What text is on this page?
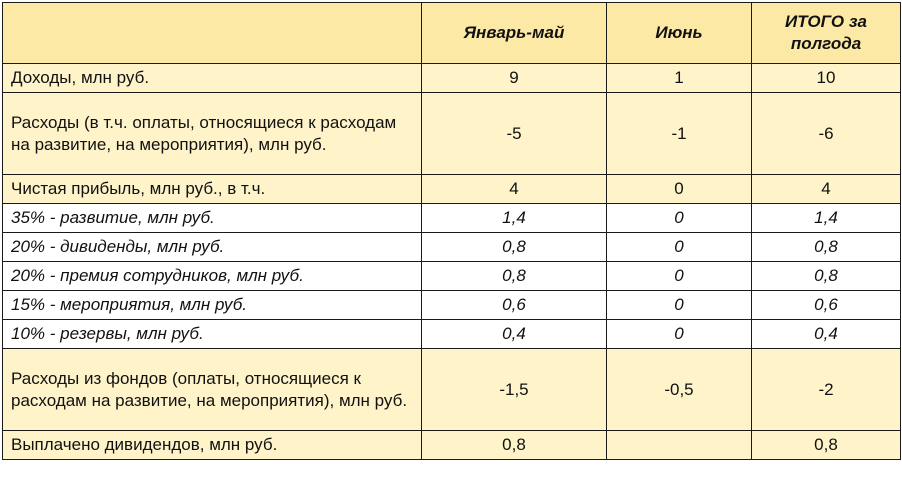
	Январь-май	Июнь	ИТОГО за полгода
Доходы, млн руб.	9	1	10
Расходы (в т.ч. оплаты, относящиеся к расходам на развитие, на мероприятия), млн руб.	-5	-1	-6
Чистая прибыль, млн руб., в т.ч.	4	0	4
35% - развитие, млн руб.	1,4	0	1,4
20% - дивиденды, млн руб.	0,8	0	0,8
20% - премия сотрудников, млн руб.	0,8	0	0,8
15% - мероприятия, млн руб.	0,6	0	0,6
10% - резервы, млн руб.	0,4	0	0,4
Расходы из фондов (оплаты, относящиеся к расходам на развитие, на мероприятия), млн руб.	-1,5	-0,5	-2
Выплачено дивидендов, млн руб.	0,8		0,8
